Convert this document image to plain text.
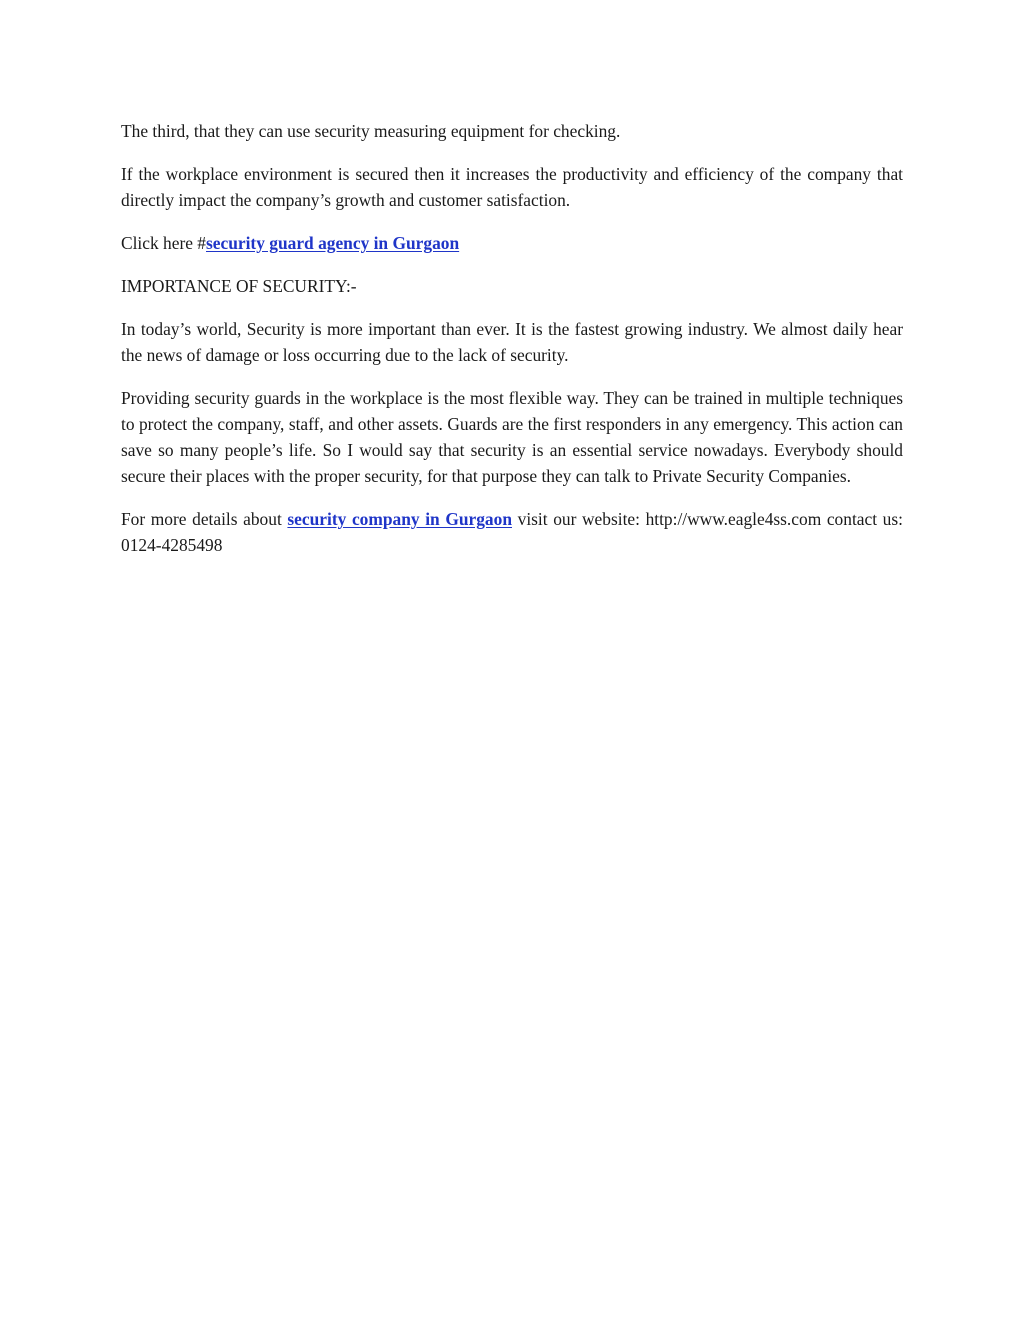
The third, that they can use security measuring equipment for checking.

If the workplace environment is secured then it increases the productivity and efficiency of the company that directly impact the company’s growth and customer satisfaction.

Click here #security guard agency in Gurgaon

IMPORTANCE OF SECURITY:-

In today’s world, Security is more important than ever. It is the fastest growing industry. We almost daily hear the news of damage or loss occurring due to the lack of security.

Providing security guards in the workplace is the most flexible way. They can be trained in multiple techniques to protect the company, staff, and other assets. Guards are the first responders in any emergency. This action can save so many people’s life. So I would say that security is an essential service nowadays. Everybody should secure their places with the proper security, for that purpose they can talk to Private Security Companies.

For more details about security company in Gurgaon visit our website: http://www.eagle4ss.com contact us: 0124-4285498
